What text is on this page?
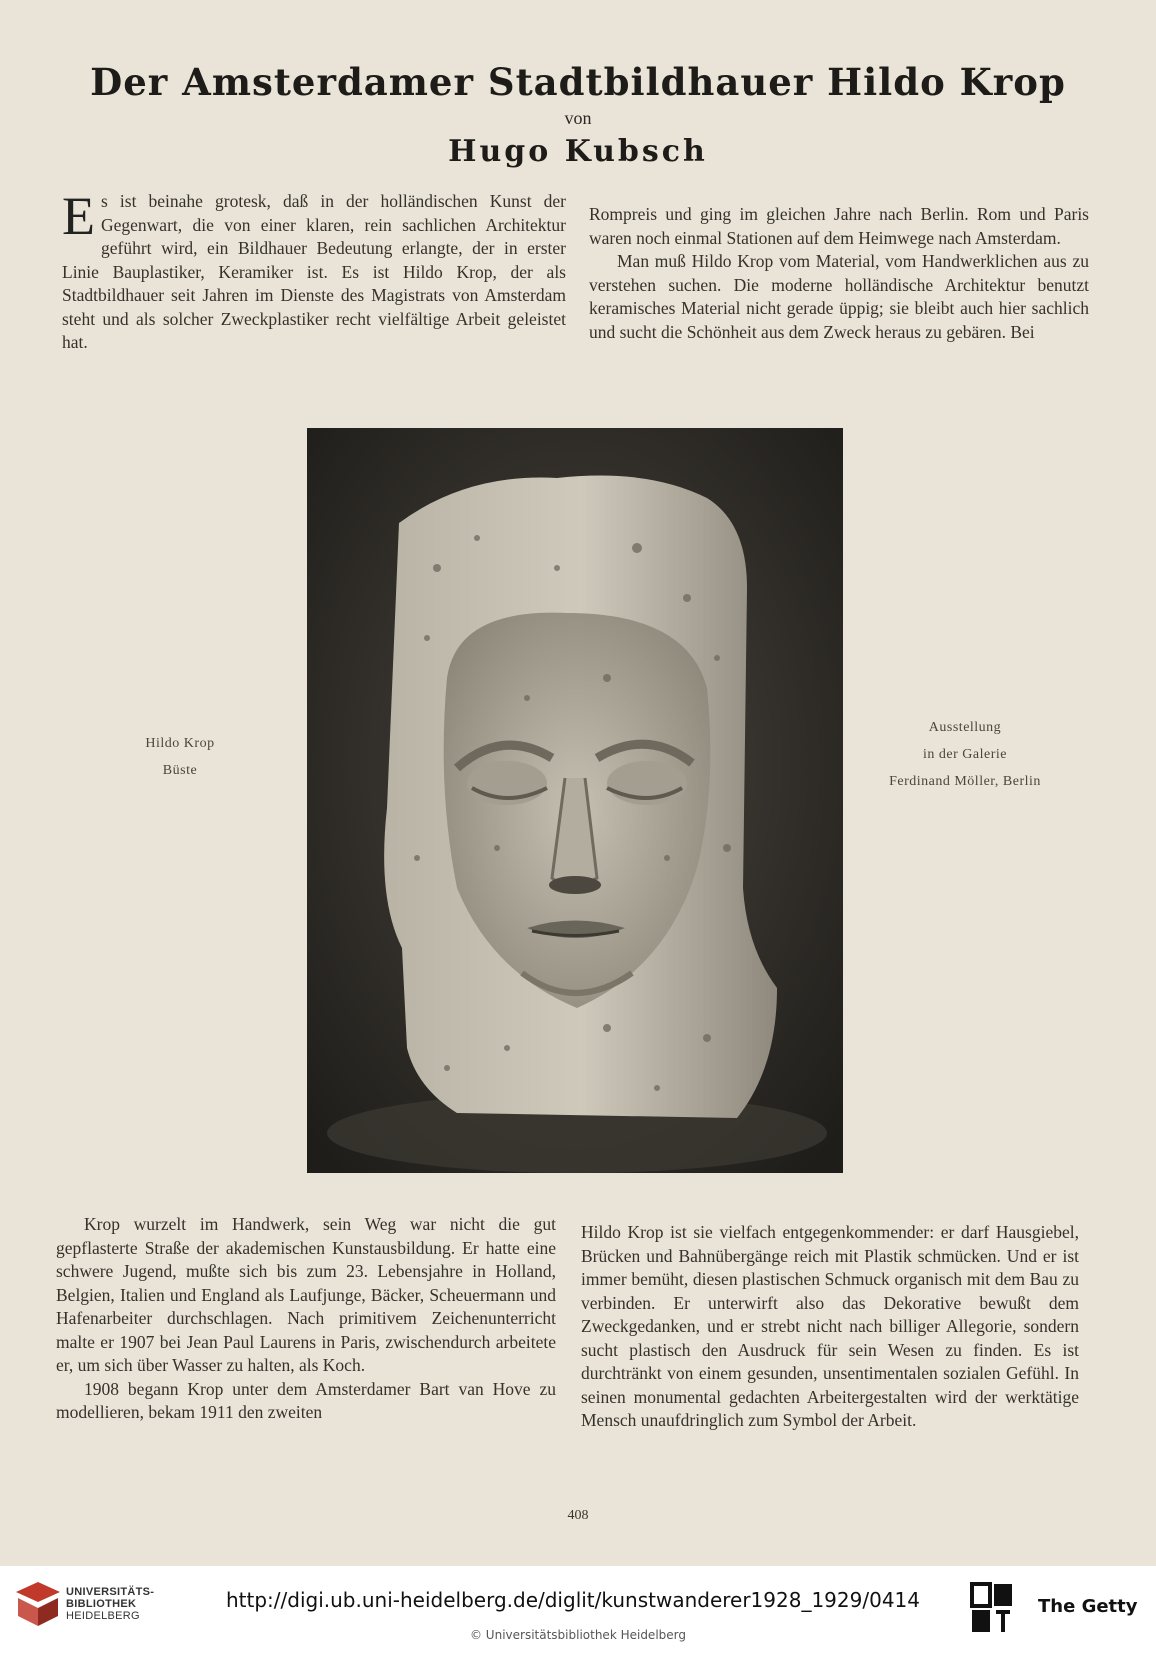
Der Amsterdamer Stadtbildhauer Hildo Krop
von
Hugo Kubsch

Es ist beinahe grotesk, daß in der holländischen Kunst der Gegenwart, die von einer klaren, rein sachlichen Architektur geführt wird, ein Bildhauer Bedeutung erlangte, der in erster Linie Bauplastiker, Keramiker ist. Es ist Hildo Krop, der als Stadtbildhauer seit Jahren im Dienste des Magistrats von Amsterdam steht und als solcher Zweckplastiker recht vielfältige Arbeit geleistet hat.

Rompreis und ging im gleichen Jahre nach Berlin. Rom und Paris waren noch einmal Stationen auf dem Heimwege nach Amsterdam.

Man muß Hildo Krop vom Material, vom Handwerklichen aus zu verstehen suchen. Die moderne holländische Architektur benutzt keramisches Material nicht gerade üppig; sie bleibt auch hier sachlich und sucht die Schönheit aus dem Zweck heraus zu gebären. Bei

Hildo Krop
Büste
Ausstellung
in der Galerie
Ferdinand Möller, Berlin

Krop wurzelt im Handwerk, sein Weg war nicht die gut gepflasterte Straße der akademischen Kunstausbildung. Er hatte eine schwere Jugend, mußte sich bis zum 23. Lebensjahre in Holland, Belgien, Italien und England als Laufjunge, Bäcker, Scheuermann und Hafenarbeiter durchschlagen. Nach primitivem Zeichenunterricht malte er 1907 bei Jean Paul Laurens in Paris, zwischendurch arbeitete er, um sich über Wasser zu halten, als Koch.

1908 begann Krop unter dem Amsterdamer Bart van Hove zu modellieren, bekam 1911 den zweiten

Hildo Krop ist sie vielfach entgegenkommender: er darf Hausgiebel, Brücken und Bahnübergänge reich mit Plastik schmücken. Und er ist immer bemüht, diesen plastischen Schmuck organisch mit dem Bau zu verbinden. Er unterwirft also das Dekorative bewußt dem Zweckgedanken, und er strebt nicht nach billiger Allegorie, sondern sucht plastisch den Ausdruck für sein Wesen zu finden. Es ist durchtränkt von einem gesunden, unsentimentalen sozialen Gefühl. In seinen monumental gedachten Arbeitergestalten wird der werktätige Mensch unaufdringlich zum Symbol der Arbeit.

408
UNIVERSITÄTS-
BIBLIOTHEK
HEIDELBERG
http://digi.ub.uni-heidelberg.de/diglit/kunstwanderer1928_1929/0414
© Universitätsbibliothek Heidelberg
The Getty
